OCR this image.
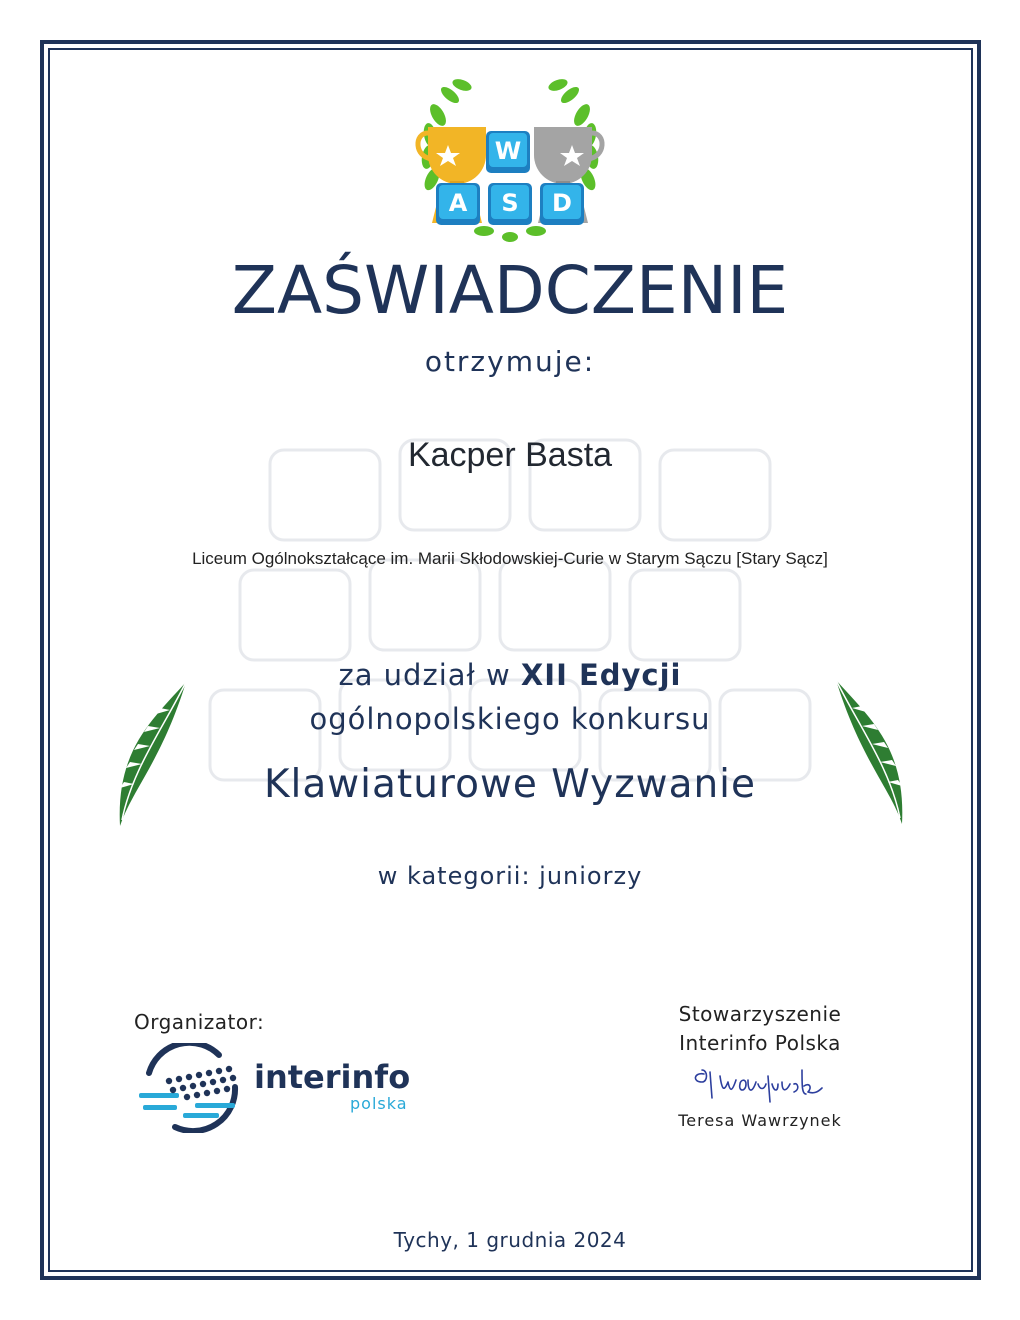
W
A S D
ZAŚWIADCZENIE
otrzymuje:
Kacper Basta
Liceum Ogólnokształcące im. Marii Skłodowskiej-Curie w Starym Sączu [Stary Sącz]
za udział w XII Edycji
ogólnopolskiego konkursu
Klawiaturowe Wyzwanie
w kategorii: juniorzy
Organizator:
interinfo
polska
Stowarzyszenie
Interinfo Polska
Teresa Wawrzynek
Tychy, 1 grudnia 2024
